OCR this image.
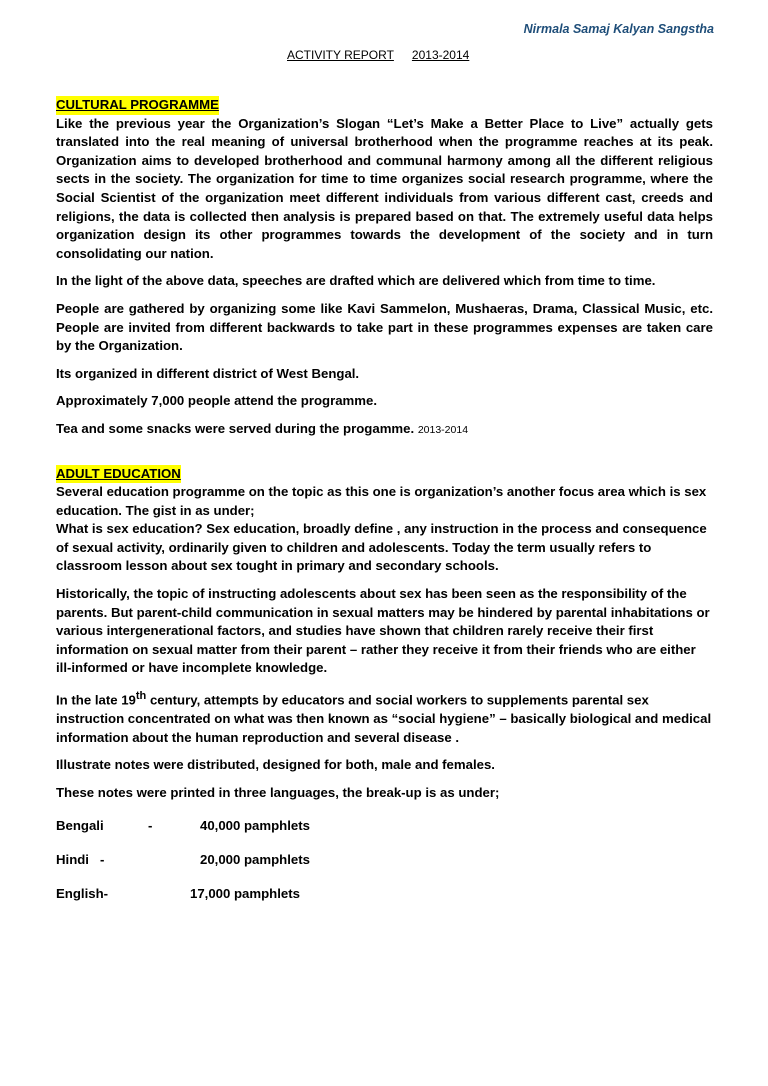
Nirmala Samaj Kalyan Sangstha
ACTIVITY REPORT 2013-2014
CULTURAL PROGRAMME

Like the previous year the Organization’s Slogan “Let’s Make a Better Place to Live” actually gets translated into the real meaning of universal brotherhood when the programme reaches at its peak. Organization aims to developed brotherhood and communal harmony among all the different religious sects in the society. The organization for time to time organizes social research programme, where the Social Scientist of the organization meet different individuals from various different cast, creeds and religions, the data is collected then analysis is prepared based on that. The extremely useful data helps organization design its other programmes towards the development of the society and in turn consolidating our nation.

In the light of the above data, speeches are drafted which are delivered which from time to time.

People are gathered by organizing some like Kavi Sammelon, Mushaeras, Drama, Classical Music, etc. People are invited from different backwards to take part in these programmes expenses are taken care by the Organization.

Its organized in different district of West Bengal.

Approximately 7,000 people attend the programme.

Tea and some snacks were served during the progamme. 2013-2014

ADULT EDUCATION
Several education programme on the topic as this one is organization’s another focus area which is sex education. The gist in as under;

What is sex education? Sex education, broadly define , any instruction in the process and consequence of sexual activity, ordinarily given to children and adolescents. Today the term usually refers to classroom lesson about sex tought in primary and secondary schools.

Historically, the topic of instructing adolescents about sex has been seen as the responsibility of the parents. But parent-child communication in sexual matters may be hindered by parental inhabitations or various intergenerational factors, and studies have shown that children rarely receive their first information on sexual matter from their parent – rather they receive it from their friends who are either ill-informed or have incomplete knowledge.

In the late 19th century, attempts by educators and social workers to supplements parental sex instruction concentrated on what was then known as “social hygiene” – basically biological and medical information about the human reproduction and several disease .

Illustrate notes were distributed, designed for both, male and females.

These notes were printed in three languages, the break-up is as under;

Bengali	-	40,000 pamphlets
Hindi -	20,000 pamphlets
English-	17,000 pamphlets
